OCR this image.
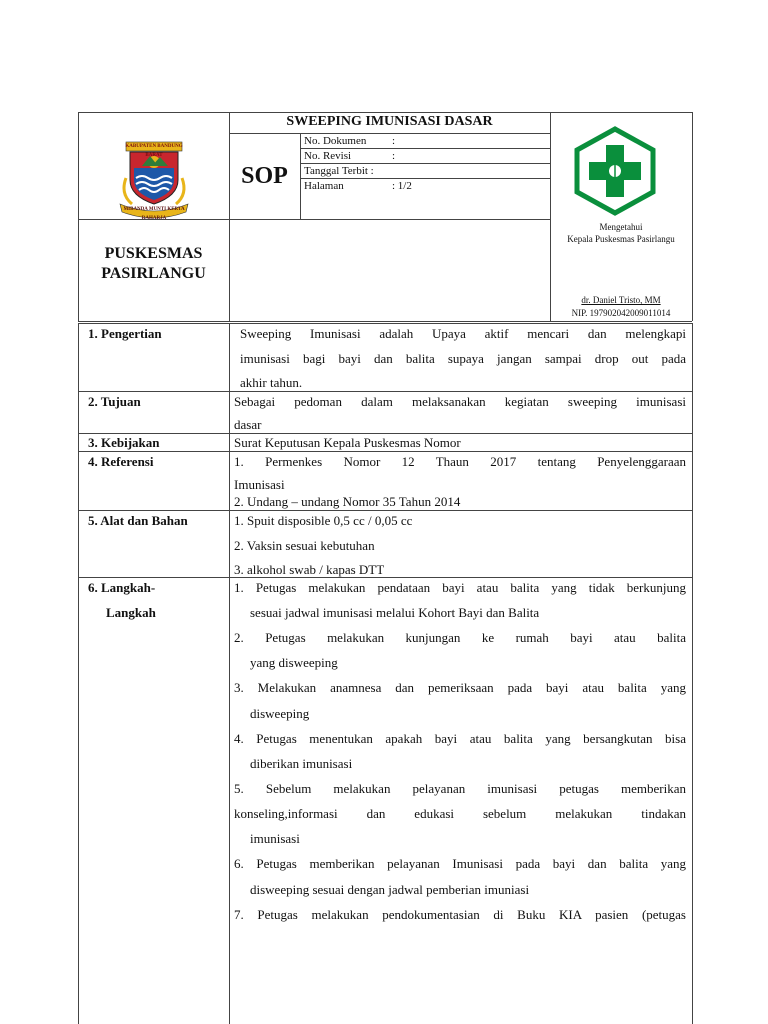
SWEEPING IMUNISASI DASAR
SOP
No. Dokumen :
No. Revisi	:
Tanggal Terbit :
Halaman	: 1/2
KABUPATEN BANDUNG BARAT
MIBANDA MUNTI KERTA RAHARJA
PUSKESMAS
PASIRLANGU
Mengetahui
Kepala Puskesmas Pasirlangu
dr. Daniel Tristo, MM
NIP. 197902042009011014
1. Pengertian
2. Tujuan
3. Kebijakan
4. Referensi
5. Alat dan Bahan
6. Langkah-
Langkah
Sweeping Imunisasi adalah Upaya aktif mencari dan melengkapi
imunisasi bagi bayi dan balita supaya jangan sampai drop out pada
akhir tahun.
Sebagai pedoman dalam melaksanakan kegiatan sweeping imunisasi
dasar
Surat Keputusan Kepala Puskesmas Nomor
1. Permenkes Nomor 12 Thaun 2017 tentang Penyelenggaraan
Imunisasi
2. Undang – undang Nomor 35 Tahun 2014
1. Spuit disposible 0,5 cc / 0,05 cc
2. Vaksin sesuai kebutuhan
3. alkohol swab / kapas DTT
1. Petugas melakukan pendataan bayi atau balita yang tidak berkunjung
sesuai jadwal imunisasi melalui Kohort Bayi dan Balita
2. Petugas melakukan kunjungan ke rumah bayi atau balita
yang disweeping
3. Melakukan anamnesa dan pemeriksaan pada bayi atau balita yang
disweeping
4. Petugas menentukan apakah bayi atau balita yang bersangkutan bisa
diberikan imunisasi
5. Sebelum melakukan pelayanan imunisasi petugas memberikan
konseling,informasi dan edukasi sebelum melakukan tindakan
imunisasi
6. Petugas memberikan pelayanan Imunisasi pada bayi dan balita yang
disweeping sesuai dengan jadwal pemberian imuniasi
7. Petugas melakukan pendokumentasian di Buku KIA pasien (petugas
